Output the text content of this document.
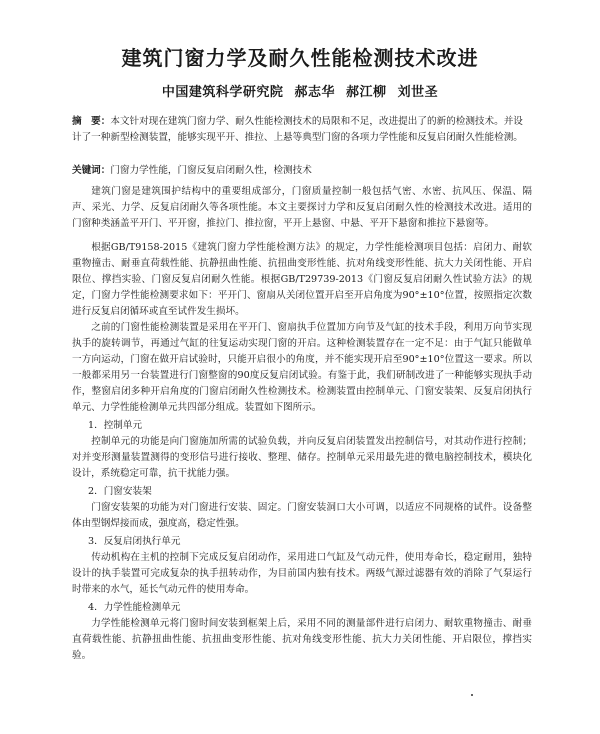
建筑门窗力学及耐久性能检测技术改进
中国建筑科学研究院 郝志华 郝江柳 刘世圣
摘　要：本文针对现在建筑门窗力学、耐久性能检测技术的局限和不足，改进提出了的新的检测技术。并设计了一种新型检测装置，能够实现平开、推拉、上悬等典型门窗的各项力学性能和反复启闭耐久性能检测。
关键词：门窗力学性能，门窗反复启闭耐久性，检测技术

建筑门窗是建筑围护结构中的重要组成部分，门窗质量控制一般包括气密、水密、抗风压、保温、隔声、采光、力学、反复启闭耐久等各项性能。本文主要探讨力学和反复启闭耐久性的检测技术改进。适用的门窗种类涵盖平开门、平开窗，推拉门、推拉窗，平开上悬窗、中悬、平开下悬窗和推拉下悬窗等。

根据GB/T9158-2015《建筑门窗力学性能检测方法》的规定，力学性能检测项目包括：启闭力、耐软重物撞击、耐垂直荷载性能、抗静扭曲性能、抗扭曲变形性能、抗对角线变形性能、抗大力关闭性能、开启限位、撑挡实验、门窗反复启闭耐久性能。根据GB/T29739-2013《门窗反复启闭耐久性试验方法》的规定，门窗力学性能检测要求如下：平开门、窗扇从关闭位置开启至开启角度为90°±10°位置，按照指定次数进行反复启闭循环或直至试件发生损坏。

之前的门窗性能检测装置是采用在平开门、窗扇执手位置加方向节及气缸的技术手段，利用万向节实现执手的旋转调节，再通过气缸的往复运动实现门窗的开启。这种检测装置存在一定不足：由于气缸只能做单一方向运动，门窗在做开启试验时，只能开启很小的角度，并不能实现开启至90°±10°位置这一要求。所以一般都采用另一台装置进行门窗整窗的90度反复启闭试验。有鉴于此，我们研制改进了一种能够实现执手动作，整窗启闭多种开启角度的门窗启闭耐久性检测技术。检测装置由控制单元、门窗安装架、反复启闭执行单元、力学性能检测单元共四部分组成。装置如下图所示。

1．控制单元

控制单元的功能是向门窗施加所需的试验负载，并向反复启闭装置发出控制信号，对其动作进行控制；对并变形测量装置测得的变形信号进行接收、整理、储存。控制单元采用最先进的微电脑控制技术，模块化设计，系统稳定可靠，抗干扰能力强。

2．门窗安装架

门窗安装架的功能为对门窗进行安装、固定。门窗安装洞口大小可调，以适应不同规格的试件。设备整体由型钢焊接而成，强度高，稳定性强。

3．反复启闭执行单元

传动机构在主机的控制下完成反复启闭动作，采用进口气缸及气动元件，使用寿命长，稳定耐用，独特设计的执手装置可完成复杂的执手扭转动作，为目前国内独有技术。两级气源过滤器有效的消除了气泵运行时带来的水气，延长气动元件的使用寿命。

4．力学性能检测单元

力学性能检测单元将门窗时间安装到框架上后，采用不同的测量部件进行启闭力、耐软重物撞击、耐垂直荷载性能、抗静扭曲性能、抗扭曲变形性能、抗对角线变形性能、抗大力关闭性能、开启限位，撑挡实验。
